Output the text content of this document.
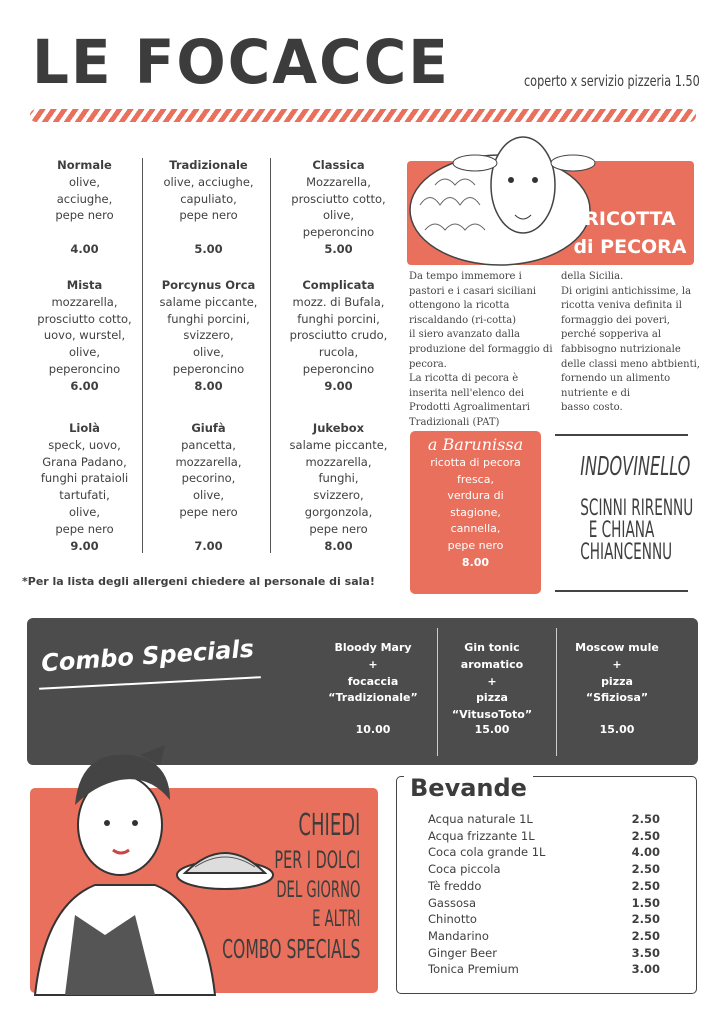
LE FOCACCE	coperto x servizio pizzeria 1.50
Normale
olive,
acciughe,
pepe nero
4.00
Tradizionale
olive, acciughe,
capuliato,
pepe nero
5.00
Classica
Mozzarella,
prosciutto cotto,
olive,
peperoncino
5.00
Mista
mozzarella,
prosciutto cotto,
uovo, wurstel,
olive,
peperoncino
6.00
Porcynus Orca
salame piccante,
funghi porcini,
svizzero,
olive,
peperoncino
8.00
Complicata
mozz. di Bufala,
funghi porcini,
prosciutto crudo,
rucola,
peperoncino
9.00
Liolà
speck, uovo,
Grana Padano,
funghi prataioli
tartufati,
olive,
pepe nero
9.00
Giufà
pancetta,
mozzarella,
pecorino,
olive,
pepe nero
7.00
Jukebox
salame piccante,
mozzarella,
funghi,
svizzero,
gorgonzola,
pepe nero
8.00
RICOTTA
di PECORA
Da tempo immemore i
pastori e i casari siciliani
ottengono la ricotta
riscaldando (ri-cotta)
il siero avanzato dalla
produzione del formaggio di
pecora.
La ricotta di pecora è
inserita nell'elenco dei
Prodotti Agroalimentari
Tradizionali (PAT)
della Sicilia.
Di origini antichissime, la
ricotta veniva definita il
formaggio dei poveri,
perché sopperiva al
fabbisogno nutrizionale
delle classi meno abtbienti,
fornendo un alimento
nutriente e di
basso costo.
a Barunissa
ricotta di pecora
fresca,
verdura di
stagione,
cannella,
pepe nero
8.00
INDOVINELLO
SCINNI RIRENNU
E CHIANA
CHIANCENNU
*Per la lista degli allergeni chiedere al personale di sala!
Combo Specials	Bloody Mary
+
focaccia
“Tradizionale”
10.00
Gin tonic
aromatico
+
pizza
“VitusoToto”
15.00
Moscow mule
+
pizza
“Sfiziosa”
15.00
CHIEDI
PER I DOLCI
DEL GIORNO
E ALTRI
COMBO SPECIALS
Bevande
Acqua naturale 1L	2.50
Acqua frizzante 1L	2.50
Coca cola grande 1L	4.00
Coca piccola	2.50
Tè freddo	2.50
Gassosa	1.50
Chinotto	2.50
Mandarino	2.50
Ginger Beer	3.50
Tonica Premium	3.00
